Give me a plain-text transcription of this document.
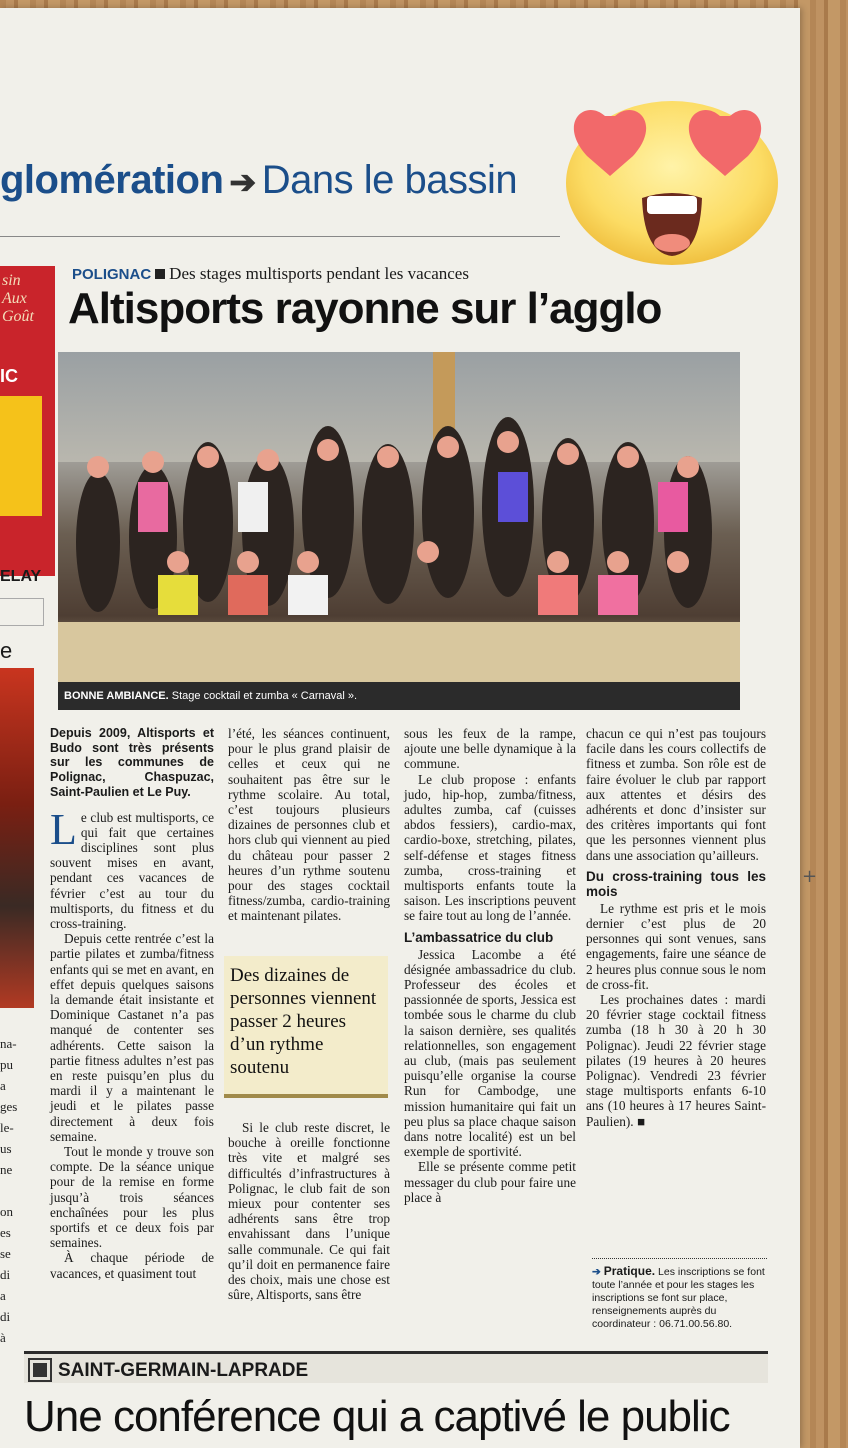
glomération ➔ Dans le bassin
sin
Aux
Goût
IC
ELAY
e
na-
pu
a
ges
le-
us
ne

on
es
se
di
a
di
à
POLIGNAC Des stages multisports pendant les vacances
Altisports rayonne sur l’agglo
BONNE AMBIANCE. Stage cocktail et zumba « Carnaval ».

Depuis 2009, Altisports et Budo sont très présents sur les communes de Polignac, Chaspuzac, Saint-Paulien et Le Puy.

Le club est multisports, ce qui fait que certaines disciplines sont plus souvent mises en avant, pendant ces vacances de février c’est au tour du multisports, du fitness et du cross-training.

Depuis cette rentrée c’est la partie pilates et zumba/fitness enfants qui se met en avant, en effet depuis quelques saisons la demande était insistante et Dominique Castanet n’a pas manqué de contenter ses adhérents. Cette saison la partie fitness adultes n’est pas en reste puisqu’en plus du mardi il y a maintenant le jeudi et le pilates passe directement à deux fois semaine.

Tout le monde y trouve son compte. De la séance unique pour de la remise en forme jusqu’à trois séances enchaînées pour les plus sportifs et ce deux fois par semaines.

À chaque période de vacances, et quasiment tout

l’été, les séances continuent, pour le plus grand plaisir de celles et ceux qui ne souhaitent pas être sur le rythme scolaire. Au total, c’est toujours plusieurs dizaines de personnes club et hors club qui viennent au pied du château pour passer 2 heures d’un rythme soutenu pour des stages cocktail fitness/zumba, cardio-training et maintenant pilates.

Des dizaines de personnes viennent passer 2 heures d’un rythme soutenu

Si le club reste discret, le bouche à oreille fonctionne très vite et malgré ses difficultés d’infrastructures à Polignac, le club fait de son mieux pour contenter ses adhérents sans être trop envahissant dans l’unique salle communale. Ce qui fait qu’il doit en permanence faire des choix, mais une chose est sûre, Altisports, sans être

sous les feux de la rampe, ajoute une belle dynamique à la commune.

Le club propose : enfants judo, hip-hop, zumba/fitness, adultes zumba, caf (cuisses abdos fessiers), cardio-max, cardio-boxe, stretching, pilates, self-défense et stages fitness zumba, cross-training et multisports enfants toute la saison. Les inscriptions peuvent se faire tout au long de l’année.

L’ambassatrice du club

Jessica Lacombe a été désignée ambassadrice du club. Professeur des écoles et passionnée de sports, Jessica est tombée sous le charme du club la saison dernière, ses qualités relationnelles, son engagement au club, (mais pas seulement puisqu’elle organise la course Run for Cambodge, une mission humanitaire qui fait un peu plus sa place chaque saison dans notre localité) est un bel exemple de sportivité.

Elle se présente comme petit messager du club pour faire une place à

chacun ce qui n’est pas toujours facile dans les cours collectifs de fitness et zumba. Son rôle est de faire évoluer le club par rapport aux attentes et désirs des adhérents et donc d’insister sur des critères importants qui font que les personnes viennent plus dans une association qu’ailleurs.

Du cross-training tous les mois

Le rythme est pris et le mois dernier c’est plus de 20 personnes qui sont venues, sans engagements, faire une séance de 2 heures plus connue sous le nom de cross-fit.

Les prochaines dates : mardi 20 février stage cocktail fitness zumba (18 h 30 à 20 h 30 Polignac). Jeudi 22 février stage pilates (19 heures à 20 heures Polignac). Vendredi 23 février stage multisports enfants 6-10 ans (10 heures à 17 heures Saint-Paulien). ■

➔ Pratique. Les inscriptions se font toute l’année et pour les stages les inscriptions se font sur place, renseignements auprès du coordinateur : 06.71.00.56.80.
SAINT-GERMAIN-LAPRADE
Une conférence qui a captivé le public
+
